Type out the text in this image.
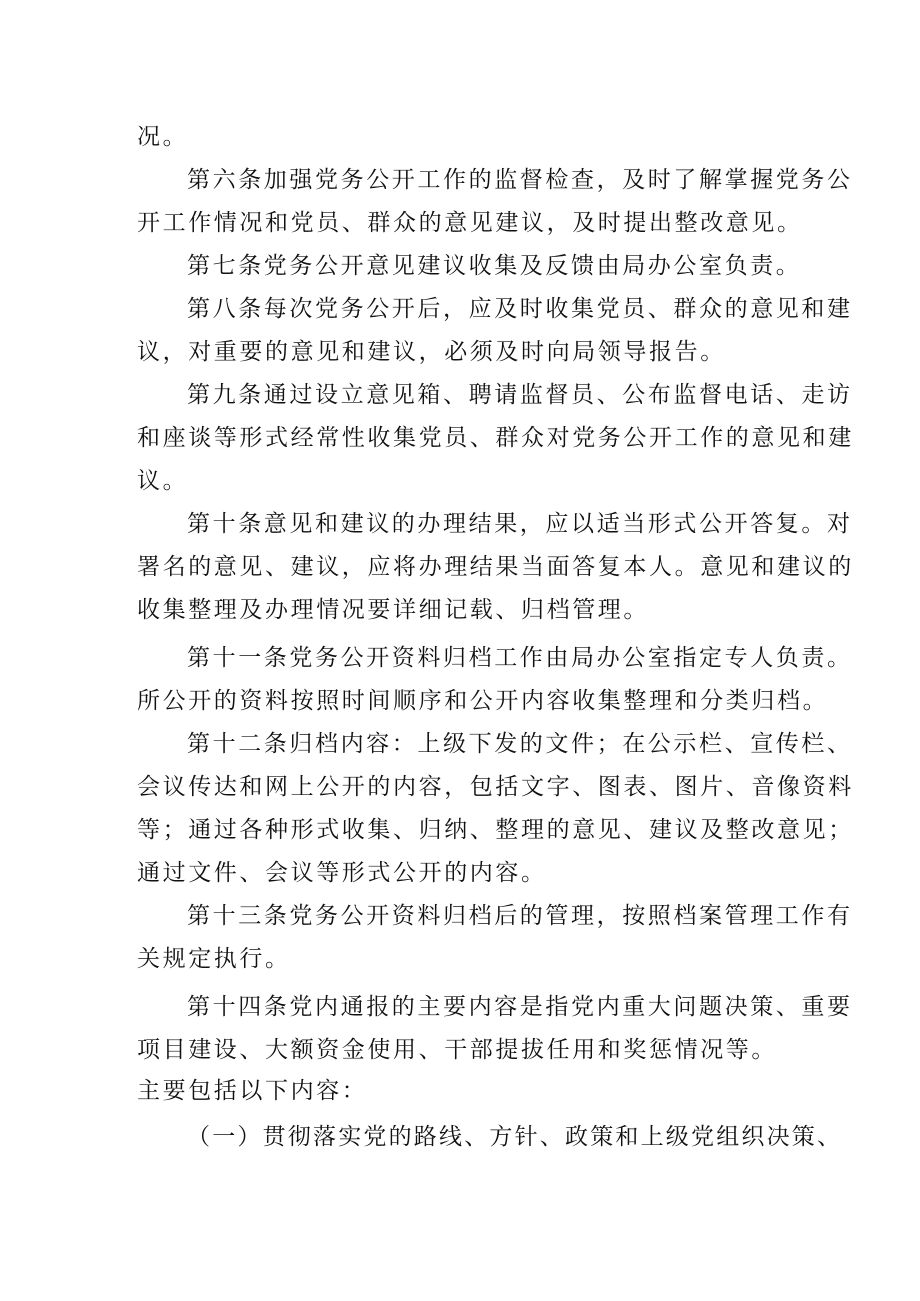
况。
第六条加强党务公开工作的监督检查，及时了解掌握党务公
开工作情况和党员、群众的意见建议，及时提出整改意见。
第七条党务公开意见建议收集及反馈由局办公室负责。
第八条每次党务公开后，应及时收集党员、群众的意见和建
议，对重要的意见和建议，必须及时向局领导报告。
第九条通过设立意见箱、聘请监督员、公布监督电话、走访
和座谈等形式经常性收集党员、群众对党务公开工作的意见和建
议。
第十条意见和建议的办理结果，应以适当形式公开答复。对
署名的意见、建议，应将办理结果当面答复本人。意见和建议的
收集整理及办理情况要详细记载、归档管理。
第十一条党务公开资料归档工作由局办公室指定专人负责。
所公开的资料按照时间顺序和公开内容收集整理和分类归档。
第十二条归档内容：上级下发的文件；在公示栏、宣传栏、
会议传达和网上公开的内容，包括文字、图表、图片、音像资料
等；通过各种形式收集、归纳、整理的意见、建议及整改意见；
通过文件、会议等形式公开的内容。
第十三条党务公开资料归档后的管理，按照档案管理工作有
关规定执行。
第十四条党内通报的主要内容是指党内重大问题决策、重要
项目建设、大额资金使用、干部提拔任用和奖惩情况等。
主要包括以下内容：
（一）贯彻落实党的路线、方针、政策和上级党组织决策、
